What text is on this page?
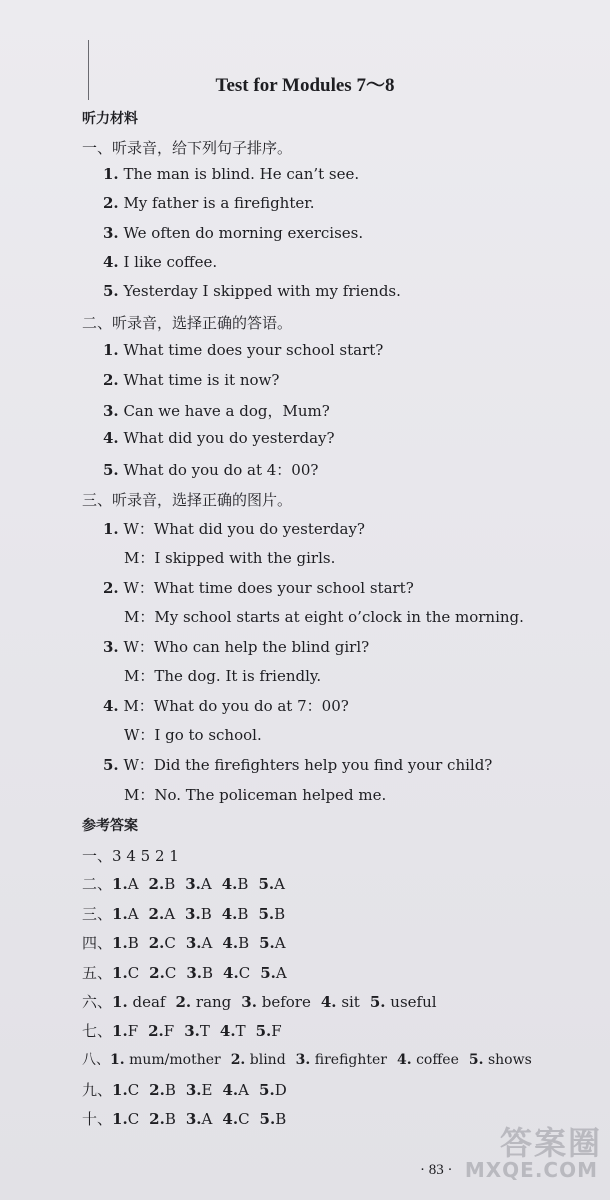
Test for Modules 7～8
听力材料
一、听录音，给下列句子排序。
1. The man is blind. He can’t see.
2. My father is a firefighter.
3. We often do morning exercises.
4. I like coffee.
5. Yesterday I skipped with my friends.
二、听录音，选择正确的答语。
1. What time does your school start?
2. What time is it now?
3. Can we have a dog，Mum?
4. What did you do yesterday?
5. What do you do at 4：00?
三、听录音，选择正确的图片。
1. W：What did you do yesterday?
M：I skipped with the girls.
2. W：What time does your school start?
M：My school starts at eight o’clock in the morning.
3. W：Who can help the blind girl?
M：The dog. It is friendly.
4. M：What do you do at 7：00?
W：I go to school.
5. W：Did the firefighters help you find your child?
M：No. The policeman helped me.
参考答案
一、3 4 5 2 1
二、1.A 2.B 3.A 4.B 5.A
三、1.A 2.A 3.B 4.B 5.B
四、1.B 2.C 3.A 4.B 5.A
五、1.C 2.C 3.B 4.C 5.A
六、1. deaf 2. rang 3. before 4. sit 5. useful
七、1.F 2.F 3.T 4.T 5.F
八、1. mum/mother 2. blind 3. firefighter 4. coffee 5. shows
九、1.C 2.B 3.E 4.A 5.D
十、1.C 2.B 3.A 4.C 5.B
· 83 ·
答案圈
MXQE.COM
